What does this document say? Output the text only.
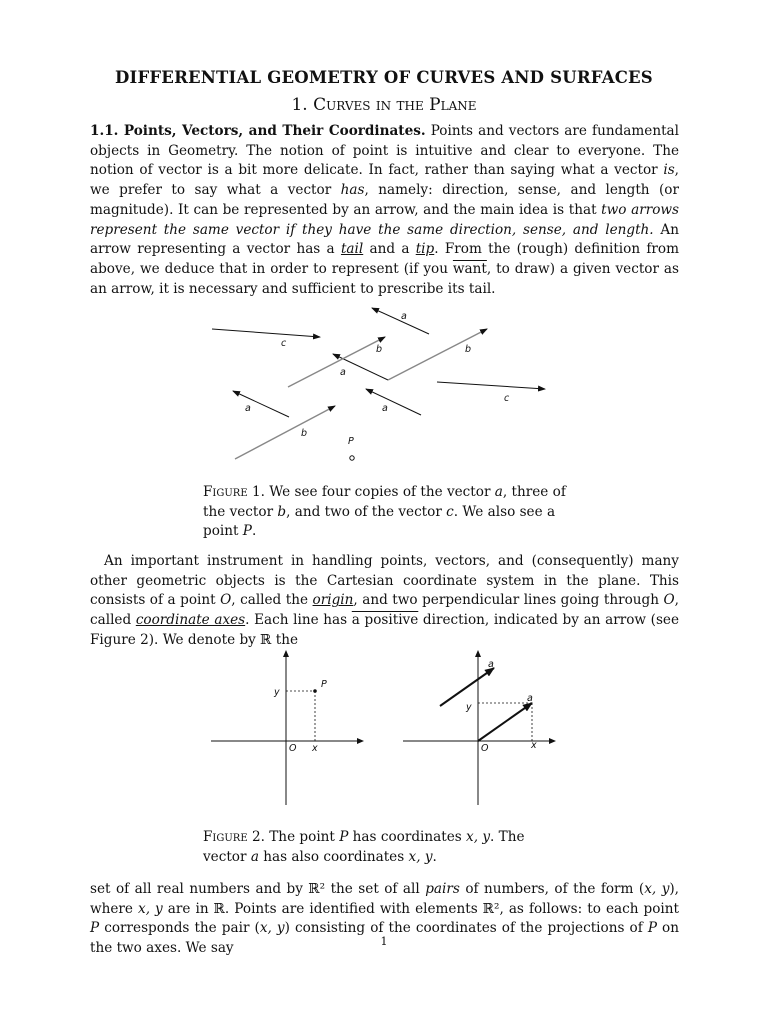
DIFFERENTIAL GEOMETRY OF CURVES AND SURFACES
1. Curves in the Plane

1.1. Points, Vectors, and Their Coordinates. Points and vectors are fundamental objects in Geometry. The notion of point is intuitive and clear to everyone. The notion of vector is a bit more delicate. In fact, rather than saying what a vector is, we prefer to say what a vector has, namely: direction, sense, and length (or magnitude). It can be represented by an arrow, and the main idea is that two arrows represent the same vector if they have the same direction, sense, and length. An arrow representing a vector has a tail and a tip. From the (rough) definition from above, we deduce that in order to represent (if you want, to draw) a given vector as an arrow, it is necessary and sufficient to prescribe its tail.

a
c
b	b
a
c
a	a
b
P

Figure 1. We see four copies of the vector a, three of the vector b, and two of the vector c. We also see a point P.

An important instrument in handling points, vectors, and (consequently) many other geometric objects is the Cartesian coordinate system in the plane. This consists of a point O, called the origin, and two perpendicular lines going through O, called coordinate axes. Each line has a positive direction, indicated by an arrow (see Figure 2). We denote by ℝ the

P
y
O x
a
a
y
O	x

Figure 2. The point P has coordinates x, y. The vector a has also coordinates x, y.

set of all real numbers and by ℝ² the set of all pairs of numbers, of the form (x, y), where x, y are in ℝ. Points are identified with elements ℝ², as follows: to each point P corresponds the pair (x, y) consisting of the coordinates of the projections of P on the two axes. We say	1
